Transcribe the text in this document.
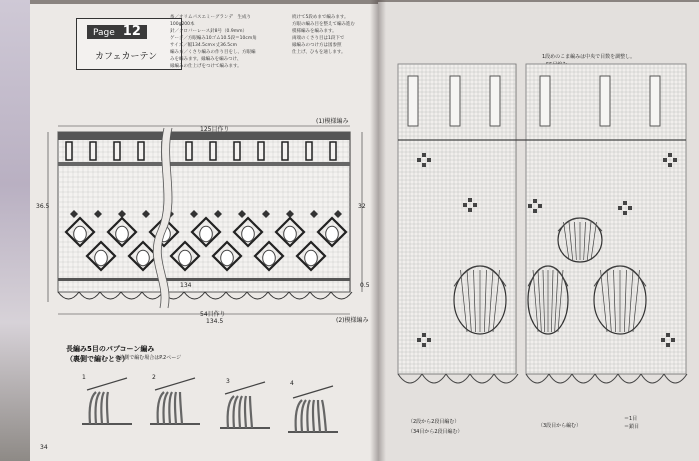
Page 12
カフェカーテン
糸／オリムパスエミーグランデ　生成り
100g200本
針／クロバーレース針8号（0.9mm）
ゲージ／方眼編み10ゴム10.5段＝10cm角
サイズ／幅134.5cm×丈36.5cm
編み方／くさり編みの作り目をし、方眼編
みを編みます。縁編みを編みつけ、
縁編みの仕上げをつけて編みます。
続けて5段めまで編みます。
方眼の編み目を整えて編み進む
模様編みを編みます。
両端のくさり目は1段下で
縁編みのつけ方は図参照
仕上げ、ひもを通します。
長編み5目のパプコーン編み
（裏側で編むとき）
※前側で編む場合はP.2ページ
34
1段めのこま編みは中央で目数を調整し。
（2段から2段目編む）
（34目から2段目編む）
（3段目から編む）
＝1目
＝鎖目
125目作り
(1)模様編み
36.5	32
0.5
134
134.5
54目作り
(2)模様編み
1	2
3	4
